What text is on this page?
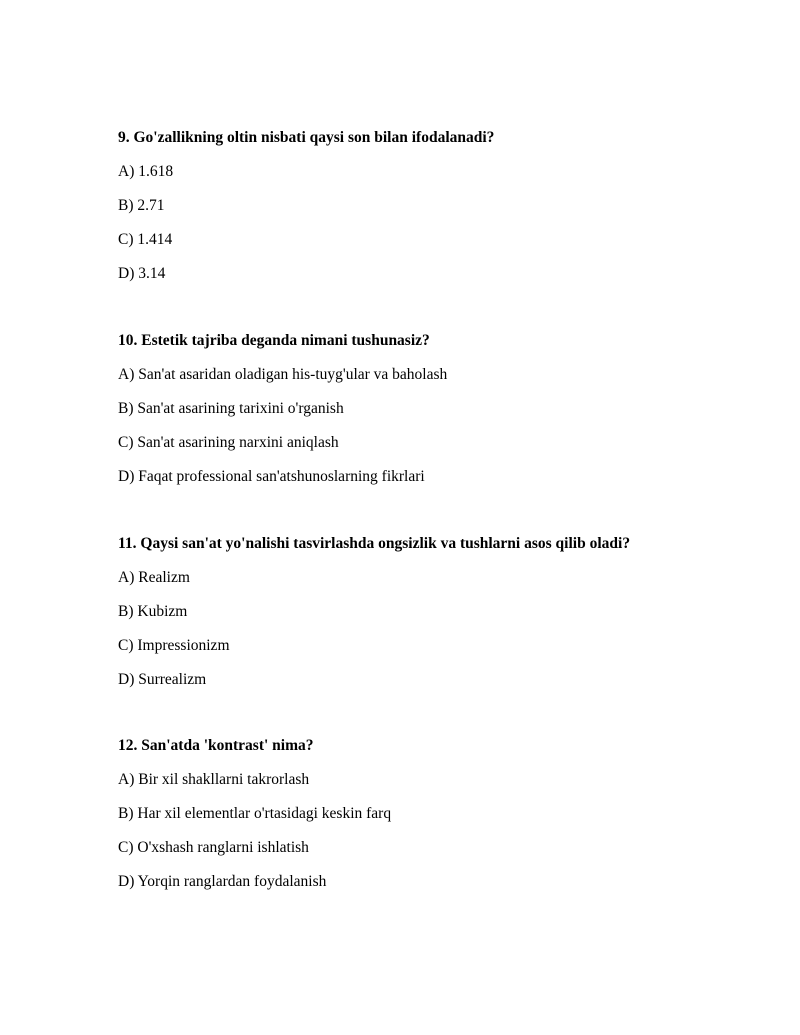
9. Go'zallikning oltin nisbati qaysi son bilan ifodalanadi?

A) 1.618
B) 2.71
C) 1.414
D) 3.14

10. Estetik tajriba deganda nimani tushunasiz?

A) San'at asaridan oladigan his-tuyg'ular va baholash
B) San'at asarining tarixini o'rganish
C) San'at asarining narxini aniqlash
D) Faqat professional san'atshunoslarning fikrlari

11. Qaysi san'at yo'nalishi tasvirlashda ongsizlik va tushlarni asos qilib oladi?

A) Realizm
B) Kubizm
C) Impressionizm
D) Surrealizm

12. San'atda 'kontrast' nima?

A) Bir xil shakllarni takrorlash
B) Har xil elementlar o'rtasidagi keskin farq
C) O'xshash ranglarni ishlatish
D) Yorqin ranglardan foydalanish
